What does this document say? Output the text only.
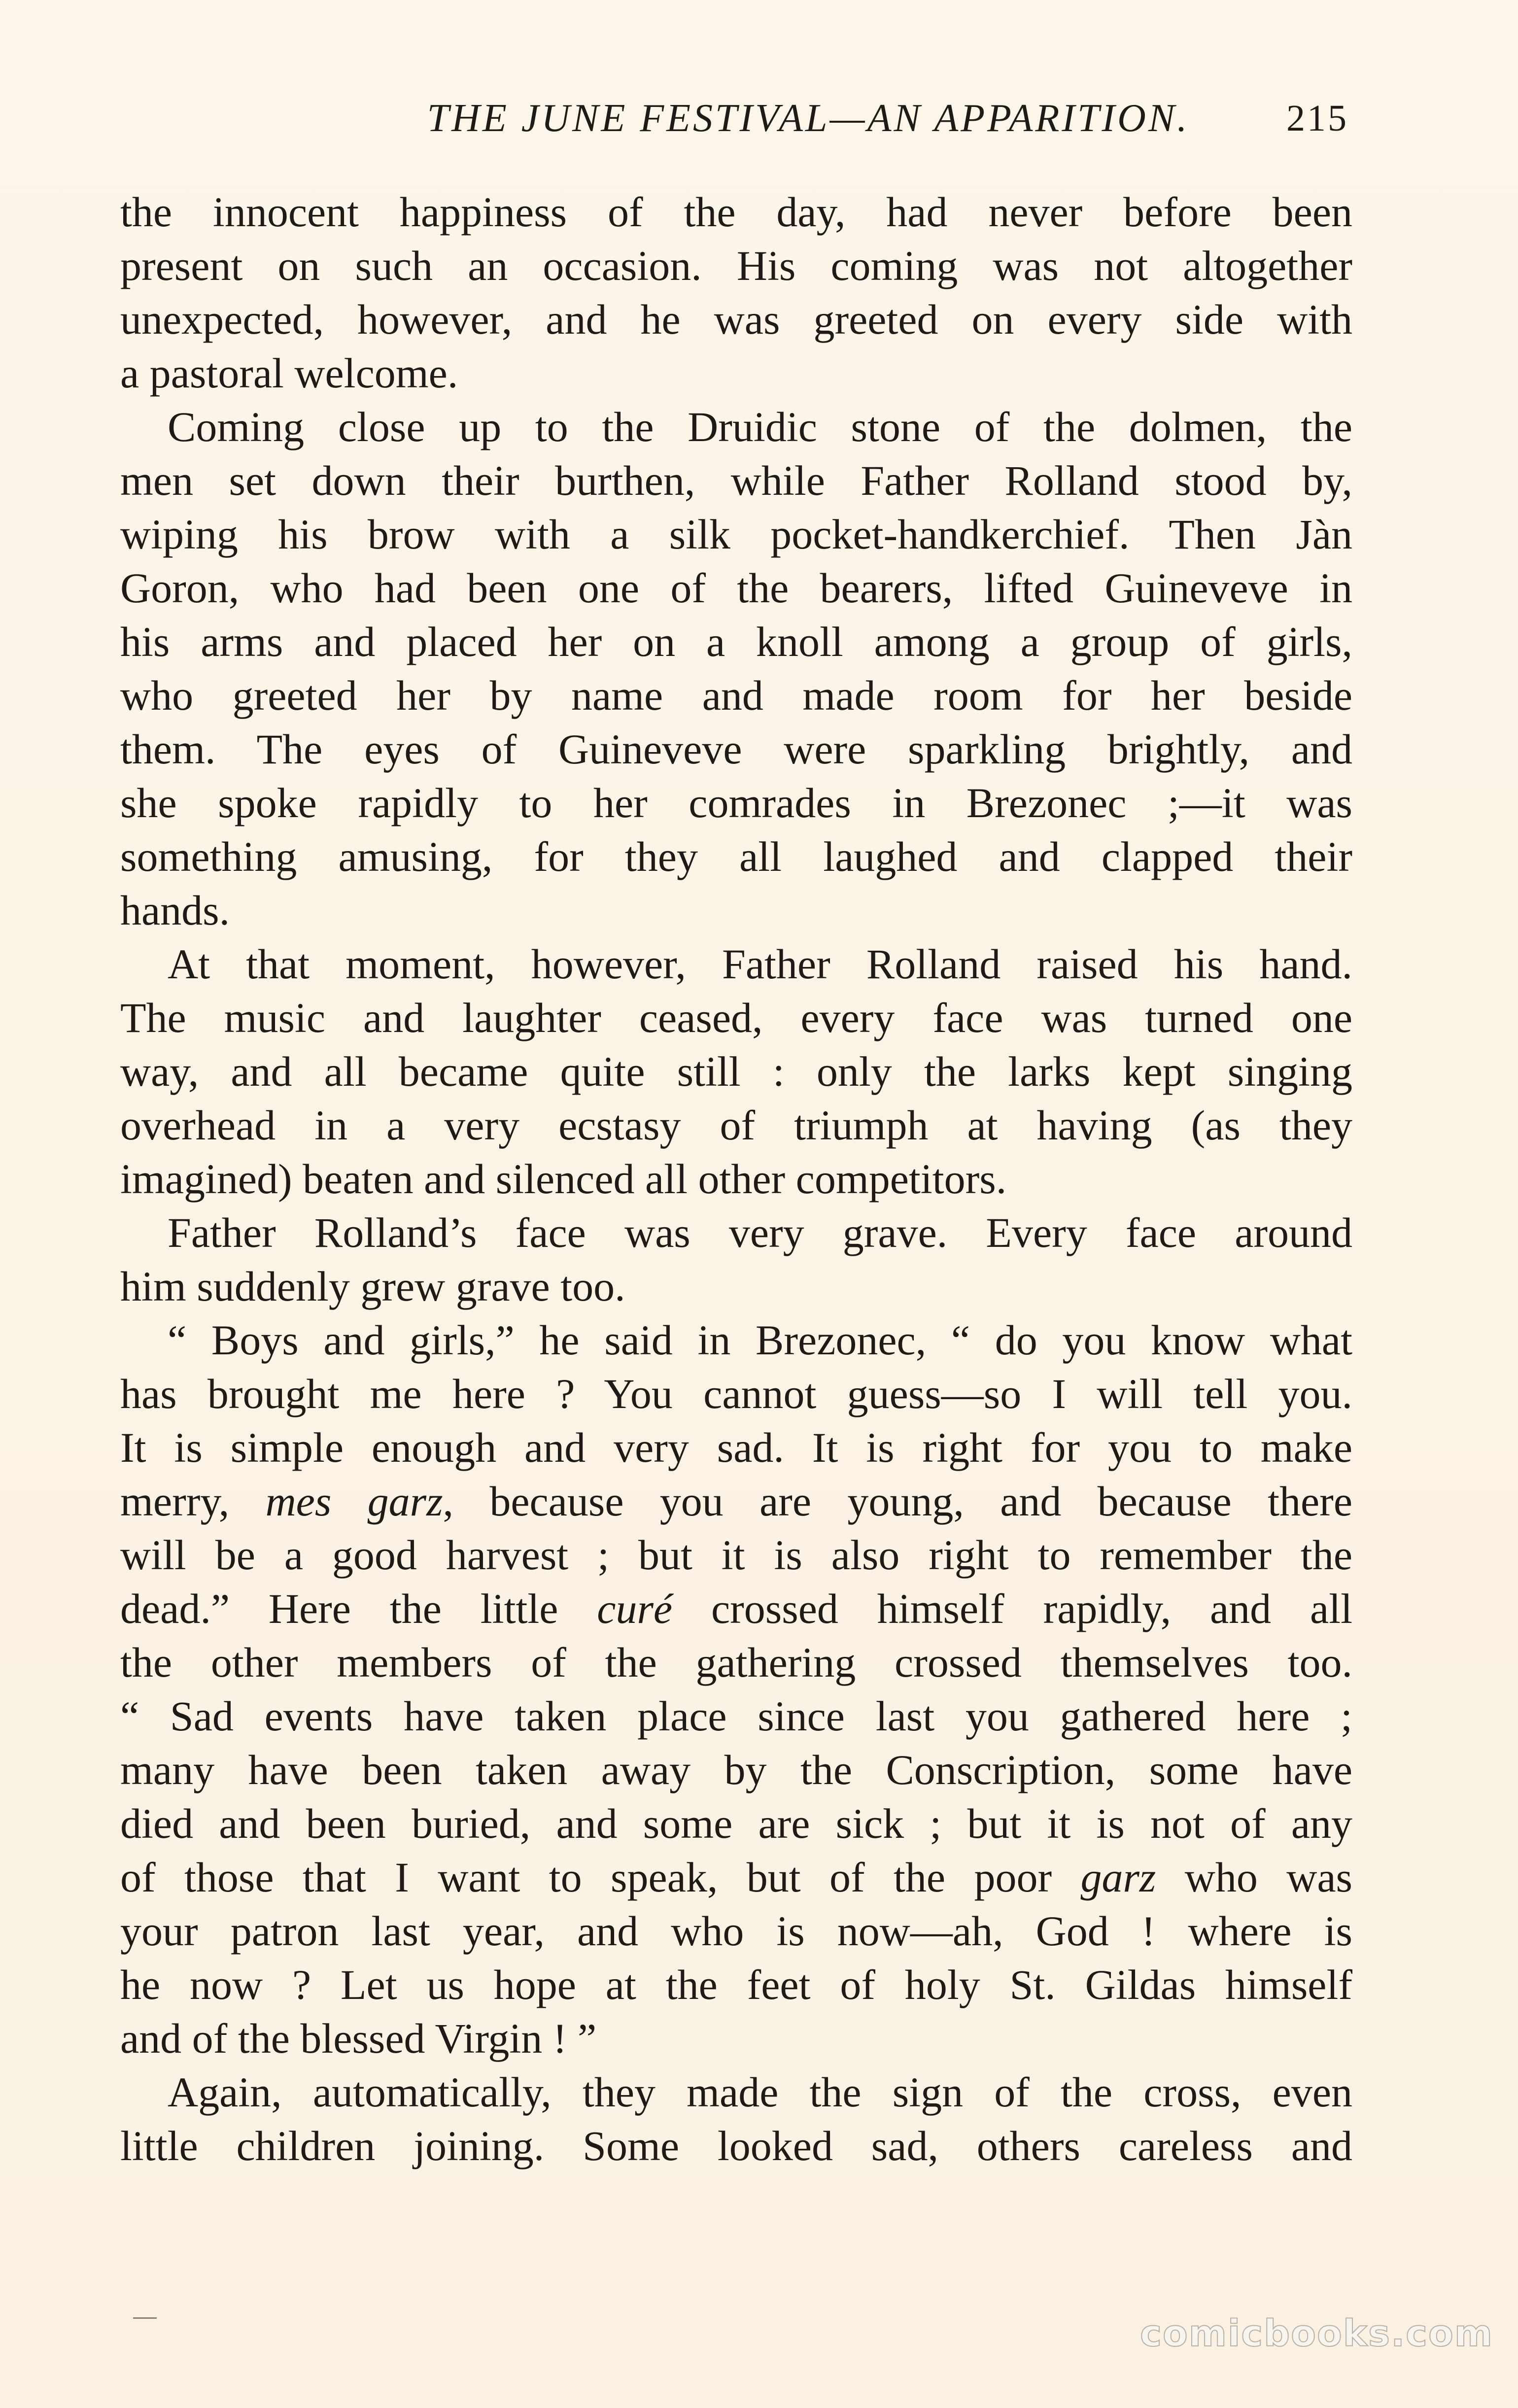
THE JUNE FESTIVAL—AN APPARITION.	215
the innocent happiness of the day, had never before been
present on such an occasion. His coming was not altogether
unexpected, however, and he was greeted on every side with
a pastoral welcome.
Coming close up to the Druidic stone of the dolmen, the
men set down their burthen, while Father Rolland stood by,
wiping his brow with a silk pocket-handkerchief. Then Jàn
Goron, who had been one of the bearers, lifted Guineveve in
his arms and placed her on a knoll among a group of girls,
who greeted her by name and made room for her beside
them. The eyes of Guineveve were sparkling brightly, and
she spoke rapidly to her comrades in Brezonec ;—it was
something amusing, for they all laughed and clapped their
hands.
At that moment, however, Father Rolland raised his hand.
The music and laughter ceased, every face was turned one
way, and all became quite still : only the larks kept singing
overhead in a very ecstasy of triumph at having (as they
imagined) beaten and silenced all other competitors.
Father Rolland’s face was very grave. Every face around
him suddenly grew grave too.
“ Boys and girls,” he said in Brezonec, “ do you know what
has brought me here ? You cannot guess—so I will tell you.
It is simple enough and very sad. It is right for you to make
merry, mes garz, because you are young, and because there
will be a good harvest ; but it is also right to remember the
dead.” Here the little curé crossed himself rapidly, and all
the other members of the gathering crossed themselves too.
“ Sad events have taken place since last you gathered here ;
many have been taken away by the Conscription, some have
died and been buried, and some are sick ; but it is not of any
of those that I want to speak, but of the poor garz who was
your patron last year, and who is now—ah, God ! where is
he now ? Let us hope at the feet of holy St. Gildas himself
and of the blessed Virgin ! ”
Again, automatically, they made the sign of the cross, even
little children joining. Some looked sad, others careless and
comicbooks.com
